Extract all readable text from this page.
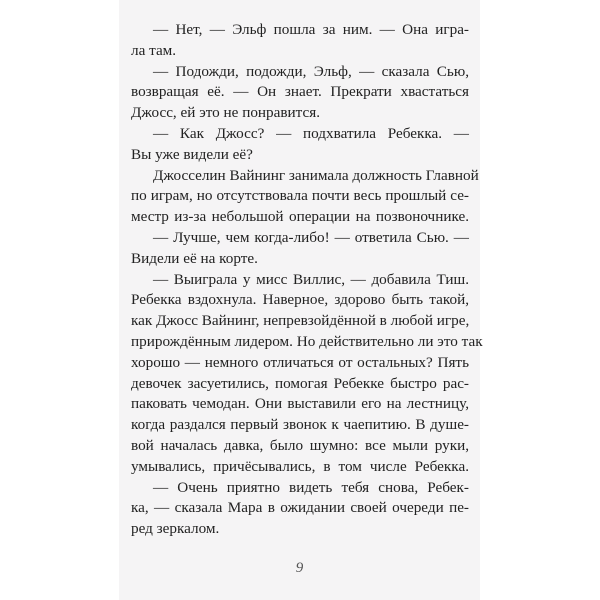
— Нет, — Эльф пошла за ним. — Она игра-
ла там.
— Подожди, подожди, Эльф, — сказала Сью,
возвращая её. — Он знает. Прекрати хвастаться
Джосс, ей это не понравится.
— Как Джосс? — подхватила Ребекка. —
Вы уже видели её?
Джосселин Вайнинг занимала должность Главной
по играм, но отсутствовала почти весь прошлый се-
местр из-за небольшой операции на позвоночнике.
— Лучше, чем когда-либо! — ответила Сью. —
Видели её на корте.
— Выиграла у мисс Виллис, — добавила Тиш.
Ребекка вздохнула. Наверное, здорово быть такой,
как Джосс Вайнинг, непревзойдённой в любой игре,
прирождённым лидером. Но действительно ли это так
хорошо — немного отличаться от остальных? Пять
девочек засуетились, помогая Ребекке быстро рас-
паковать чемодан. Они выставили его на лестницу,
когда раздался первый звонок к чаепитию. В душе-
вой началась давка, было шумно: все мыли руки,
умывались, причёсывались, в том числе Ребекка.
— Очень приятно видеть тебя снова, Ребек-
ка, — сказала Мара в ожидании своей очереди пе-
ред зеркалом.
9
